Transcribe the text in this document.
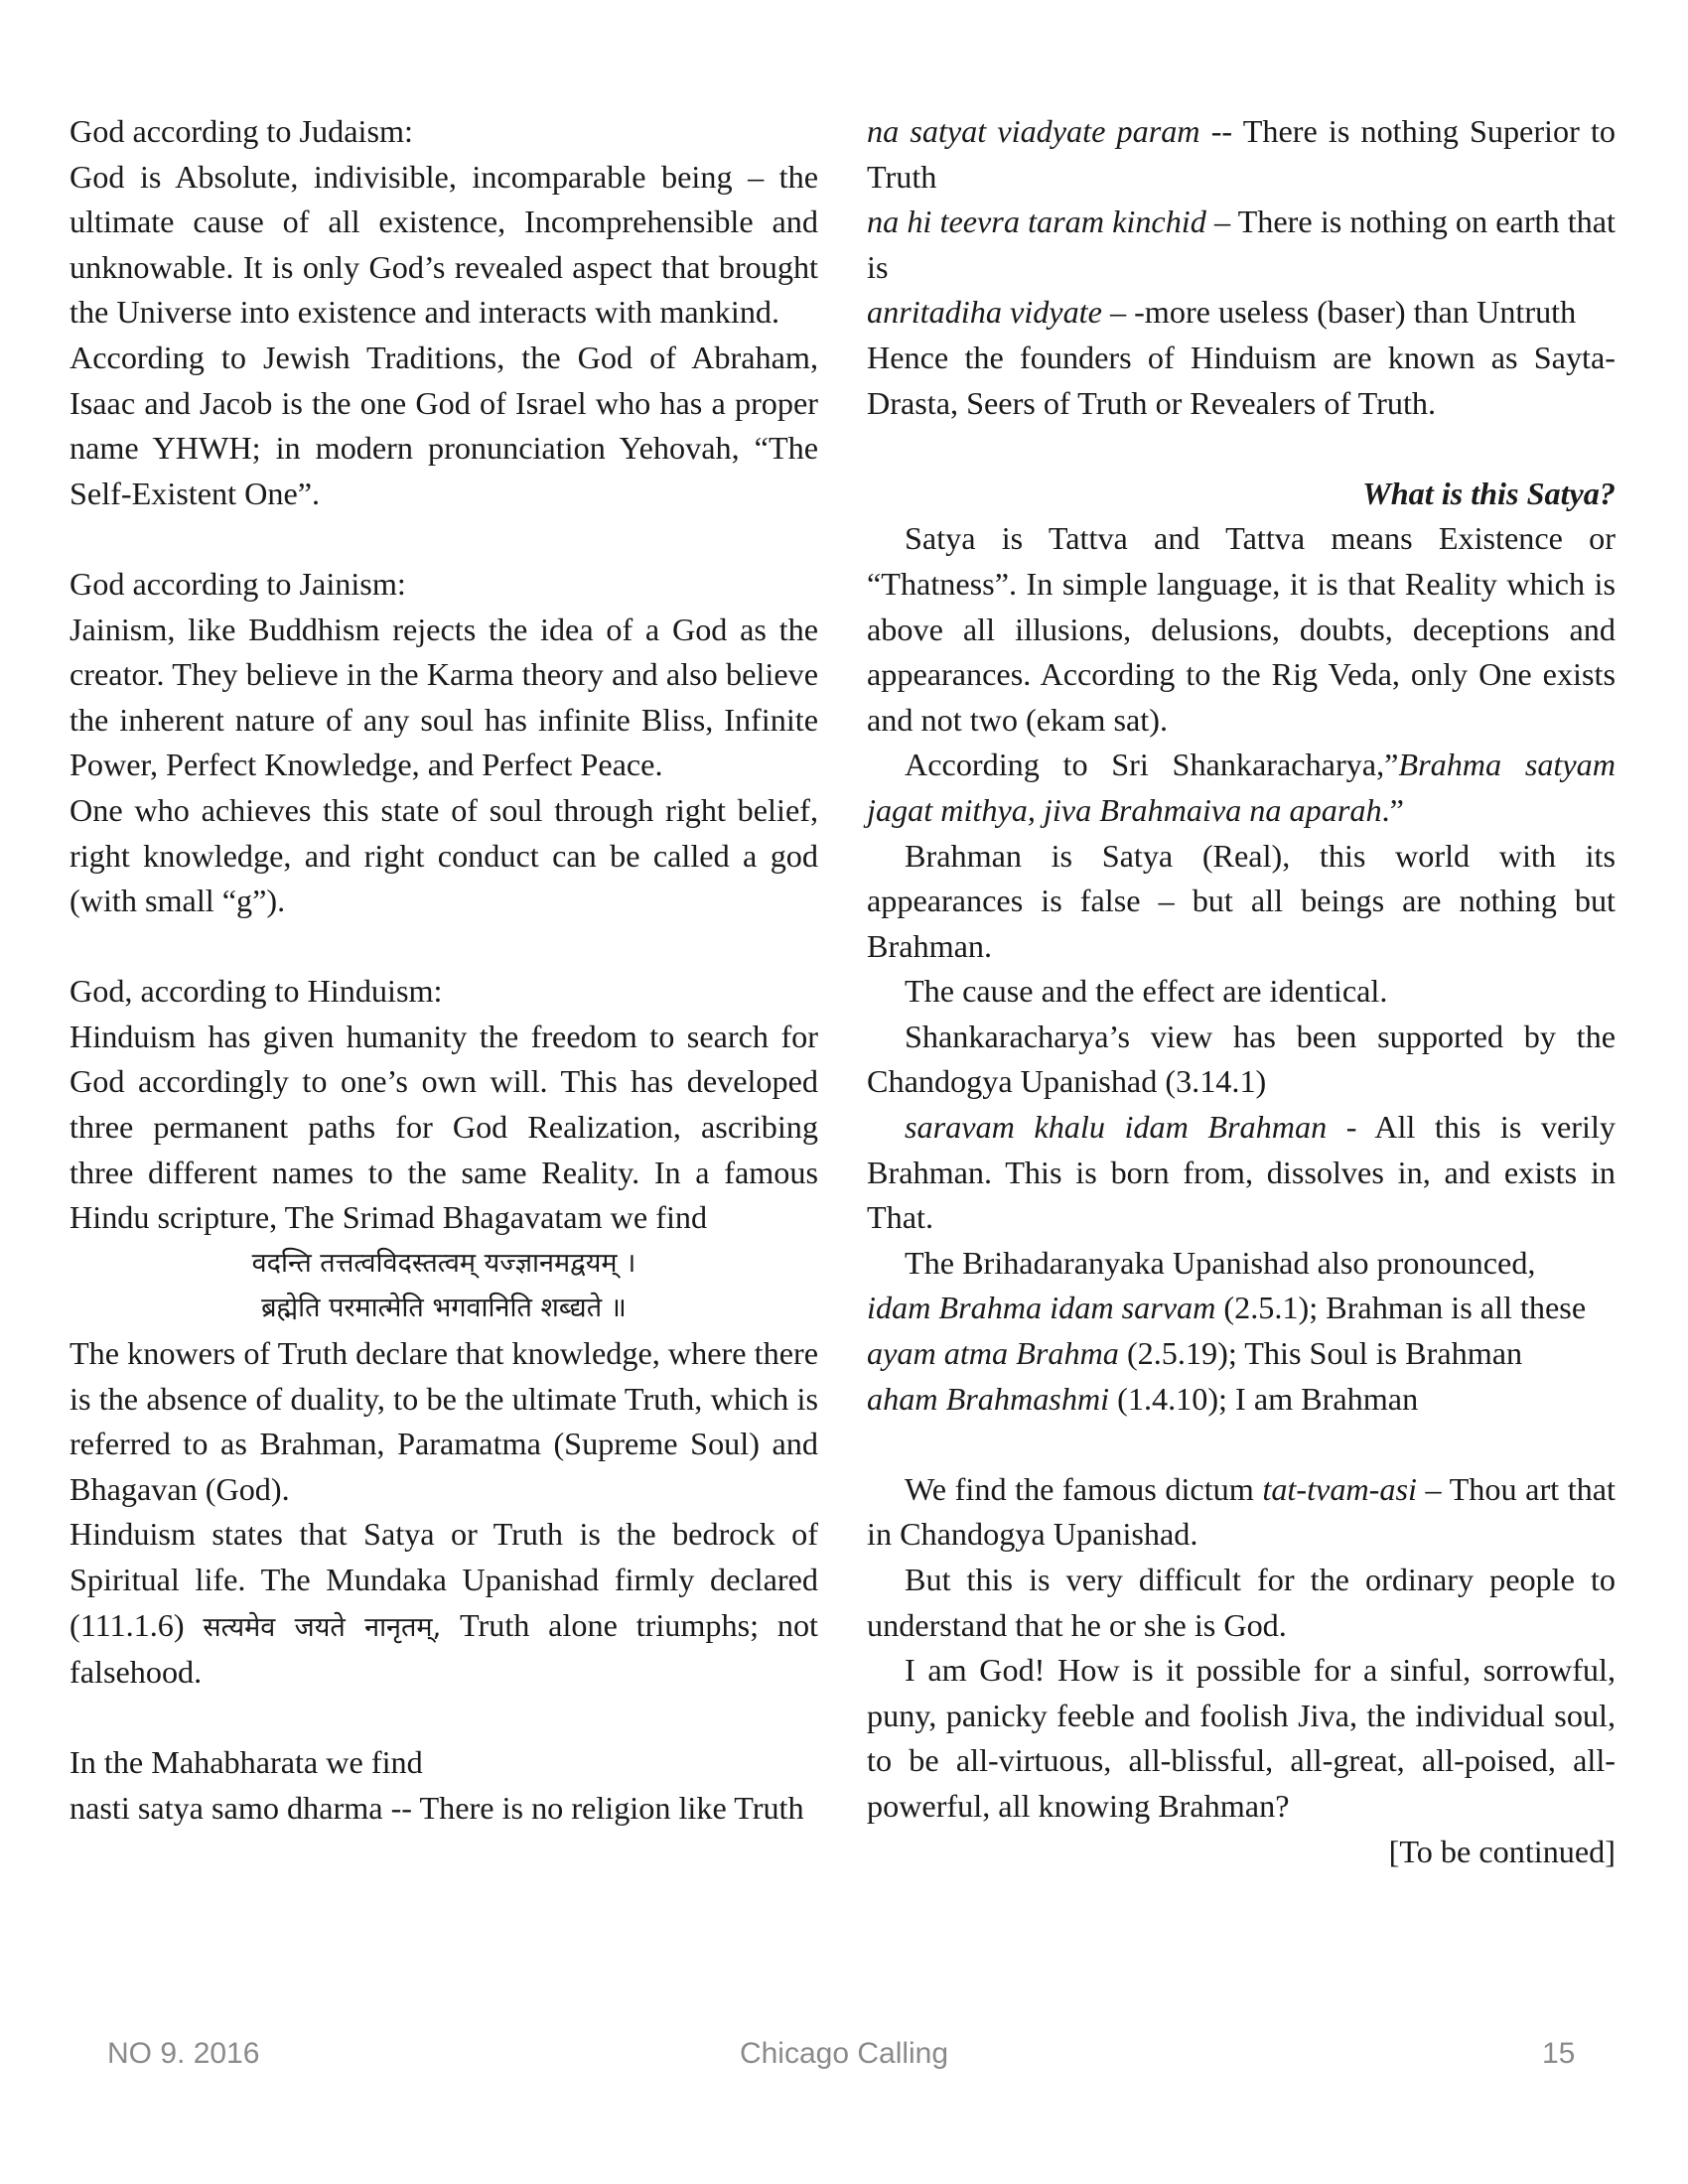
God according to Judaism:

God is Absolute, indivisible, incomparable being – the ultimate cause of all existence, Incomprehensible and unknowable. It is only God’s revealed aspect that brought the Universe into existence and interacts with mankind.

According to Jewish Traditions, the God of Abraham, Isaac and Jacob is the one God of Israel who has a proper name YHWH; in modern pronunciation Yehovah, “The Self-Existent One”.

God according to Jainism:

Jainism, like Buddhism rejects the idea of a God as the creator. They believe in the Karma theory and also believe the inherent nature of any soul has infinite Bliss, Infinite Power, Perfect Knowledge, and Perfect Peace.

One who achieves this state of soul through right belief, right knowledge, and right conduct can be called a god (with small “g”).

God, according to Hinduism:

Hinduism has given humanity the freedom to search for God accordingly to one’s own will. This has developed three permanent paths for God Realization, ascribing three different names to the same Reality. In a famous Hindu scripture, The Srimad Bhagavatam we find

वदन्ति तत्तत्वविदस्तत्वम् यज्ज्ञानमद्वयम् ।

ब्रह्मेति परमात्मेति भगवानिति शब्द्यते ॥

The knowers of Truth declare that knowledge, where there is the absence of duality, to be the ultimate Truth, which is referred to as Brahman, Paramatma (Supreme Soul) and Bhagavan (God).

Hinduism states that Satya or Truth is the bedrock of Spiritual life. The Mundaka Upanishad firmly declared (111.1.6) सत्यमेव जयते नानृतम्, Truth alone triumphs; not falsehood.

In the Mahabharata we find

nasti satya samo dharma -- There is no religion like Truth

na satyat viadyate param -- There is nothing Superior to Truth

na hi teevra taram kinchid – There is nothing on earth that is

anritadiha vidyate – -more useless (baser) than Untruth

Hence the founders of Hinduism are known as Sayta-Drasta, Seers of Truth or Revealers of Truth.

What is this Satya?

Satya is Tattva and Tattva means Existence or “Thatness”. In simple language, it is that Reality which is above all illusions, delusions, doubts, deceptions and appearances. According to the Rig Veda, only One exists and not two (ekam sat).

According to Sri Shankaracharya,”Brahma satyam jagat mithya, jiva Brahmaiva na aparah.”

Brahman is Satya (Real), this world with its appearances is false – but all beings are nothing but Brahman.

The cause and the effect are identical.

Shankaracharya’s view has been supported by the Chandogya Upanishad (3.14.1)

saravam khalu idam Brahman - All this is verily Brahman. This is born from, dissolves in, and exists in That.

The Brihadaranyaka Upanishad also pronounced,

idam Brahma idam sarvam (2.5.1); Brahman is all these

ayam atma Brahma (2.5.19); This Soul is Brahman

aham Brahmashmi (1.4.10); I am Brahman

We find the famous dictum tat-tvam-asi – Thou art that in Chandogya Upanishad.

But this is very difficult for the ordinary people to understand that he or she is God.

I am God! How is it possible for a sinful, sorrowful, puny, panicky feeble and foolish Jiva, the individual soul, to be all-virtuous, all-blissful, all-great, all-poised, all-powerful, all knowing Brahman?

[To be continued]

NO 9. 2016	Chicago Calling	15
